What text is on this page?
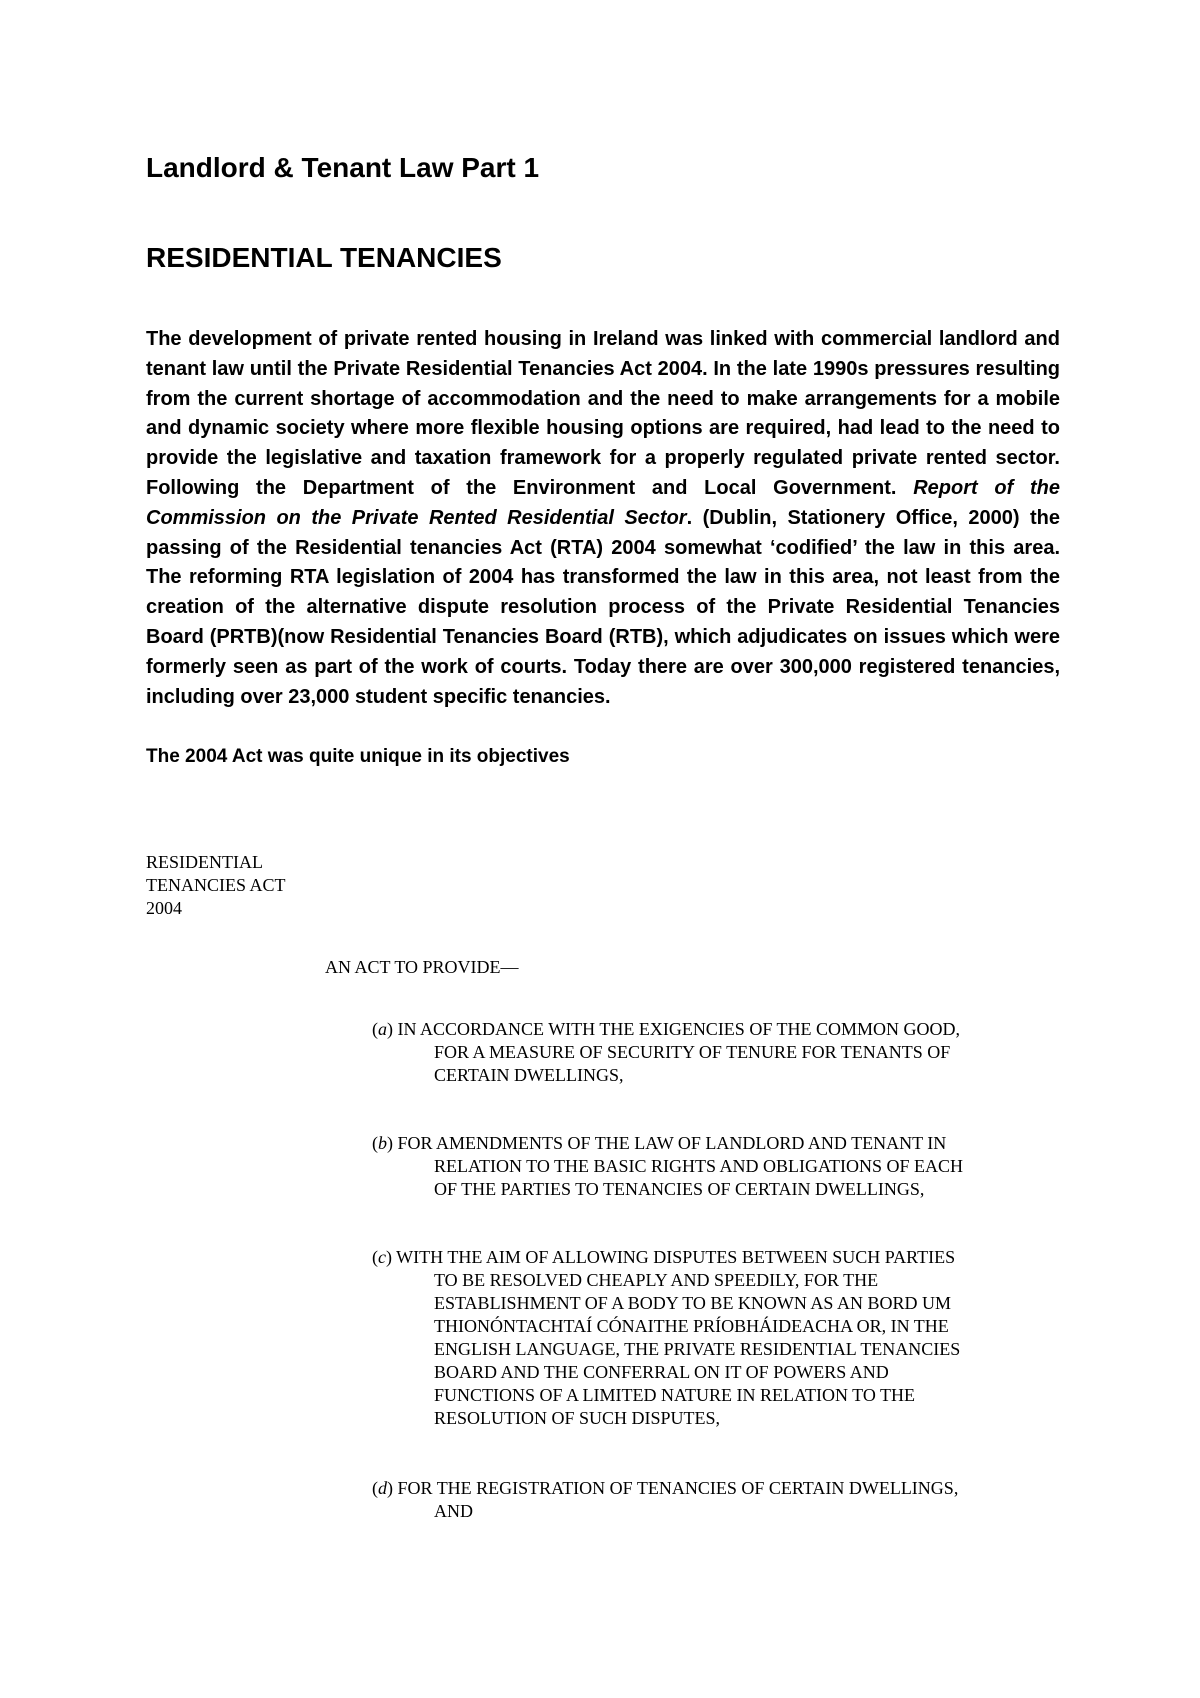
Landlord & Tenant Law Part 1
RESIDENTIAL TENANCIES

The development of private rented housing in Ireland was linked with commercial landlord and tenant law until the Private Residential Tenancies Act 2004. In the late 1990s pressures resulting from the current shortage of accommodation and the need to make arrangements for a mobile and dynamic society where more flexible housing options are required, had lead to the need to provide the legislative and taxation framework for a properly regulated private rented sector. Following the Department of the Environment and Local Government. Report of the Commission on the Private Rented Residential Sector. (Dublin, Stationery Office, 2000) the passing of the Residential tenancies Act (RTA) 2004 somewhat ‘codified’ the law in this area. The reforming RTA legislation of 2004 has transformed the law in this area, not least from the creation of the alternative dispute resolution process of the Private Residential Tenancies Board (PRTB)(now Residential Tenancies Board (RTB), which adjudicates on issues which were formerly seen as part of the work of courts. Today there are over 300,000 registered tenancies, including over 23,000 student specific tenancies.

The 2004 Act was quite unique in its objectives

RESIDENTIAL
TENANCIES ACT
2004

AN ACT TO PROVIDE—

(a) IN ACCORDANCE WITH THE EXIGENCIES OF THE COMMON GOOD,
FOR A MEASURE OF SECURITY OF TENURE FOR TENANTS OF
CERTAIN DWELLINGS,
(b) FOR AMENDMENTS OF THE LAW OF LANDLORD AND TENANT IN
RELATION TO THE BASIC RIGHTS AND OBLIGATIONS OF EACH
OF THE PARTIES TO TENANCIES OF CERTAIN DWELLINGS,
(c) WITH THE AIM OF ALLOWING DISPUTES BETWEEN SUCH PARTIES
TO BE RESOLVED CHEAPLY AND SPEEDILY, FOR THE
ESTABLISHMENT OF A BODY TO BE KNOWN AS AN BORD UM
THIONÓNTACHTAÍ CÓNAITHE PRÍOBHÁIDEACHA OR, IN THE
ENGLISH LANGUAGE, THE PRIVATE RESIDENTIAL TENANCIES
BOARD AND THE CONFERRAL ON IT OF POWERS AND
FUNCTIONS OF A LIMITED NATURE IN RELATION TO THE
RESOLUTION OF SUCH DISPUTES,
(d) FOR THE REGISTRATION OF TENANCIES OF CERTAIN DWELLINGS,
AND
